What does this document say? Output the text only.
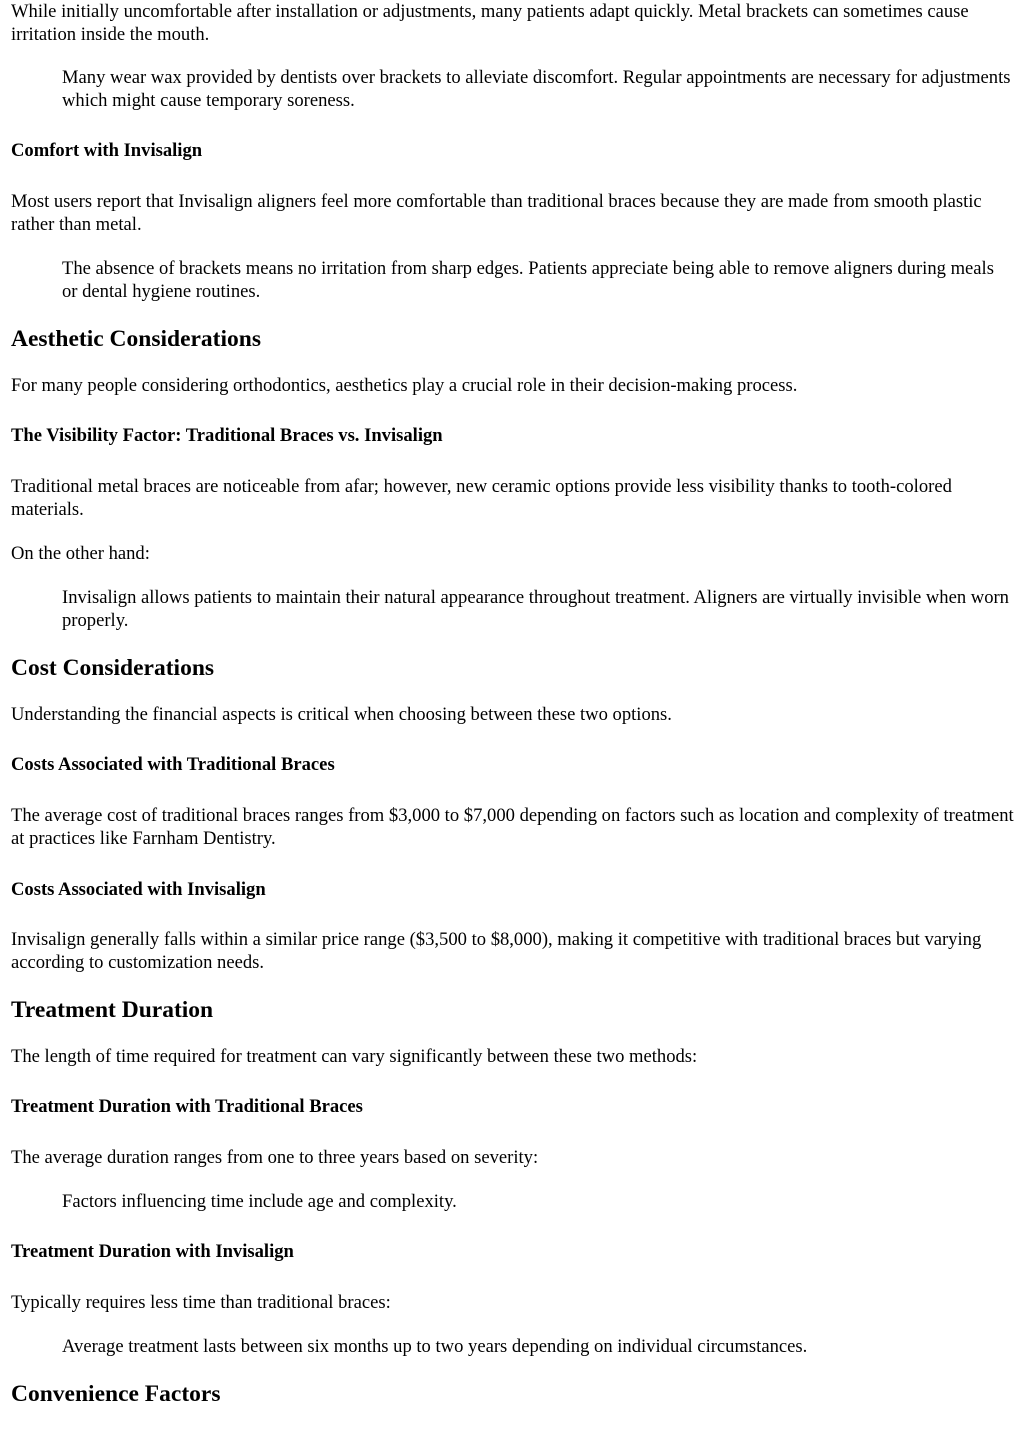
While initially uncomfortable after installation or adjustments, many patients adapt quickly. Metal brackets can sometimes cause irritation inside the mouth.

Many wear wax provided by dentists over brackets to alleviate discomfort. Regular appointments are necessary for adjustments which might cause temporary soreness.
Comfort with Invisalign

Most users report that Invisalign aligners feel more comfortable than traditional braces because they are made from smooth plastic rather than metal.

The absence of brackets means no irritation from sharp edges. Patients appreciate being able to remove aligners during meals or dental hygiene routines.
Aesthetic Considerations

For many people considering orthodontics, aesthetics play a crucial role in their decision-making process.

The Visibility Factor: Traditional Braces vs. Invisalign

Traditional metal braces are noticeable from afar; however, new ceramic options provide less visibility thanks to tooth-colored materials.

On the other hand:

Invisalign allows patients to maintain their natural appearance throughout treatment. Aligners are virtually invisible when worn properly.
Cost Considerations

Understanding the financial aspects is critical when choosing between these two options.

Costs Associated with Traditional Braces

The average cost of traditional braces ranges from $3,000 to $7,000 depending on factors such as location and complexity of treatment at practices like Farnham Dentistry.

Costs Associated with Invisalign

Invisalign generally falls within a similar price range ($3,500 to $8,000), making it competitive with traditional braces but varying according to customization needs.

Treatment Duration

The length of time required for treatment can vary significantly between these two methods:

Treatment Duration with Traditional Braces

The average duration ranges from one to three years based on severity:

Factors influencing time include age and complexity.
Treatment Duration with Invisalign

Typically requires less time than traditional braces:

Average treatment lasts between six months up to two years depending on individual circumstances.
Convenience Factors
